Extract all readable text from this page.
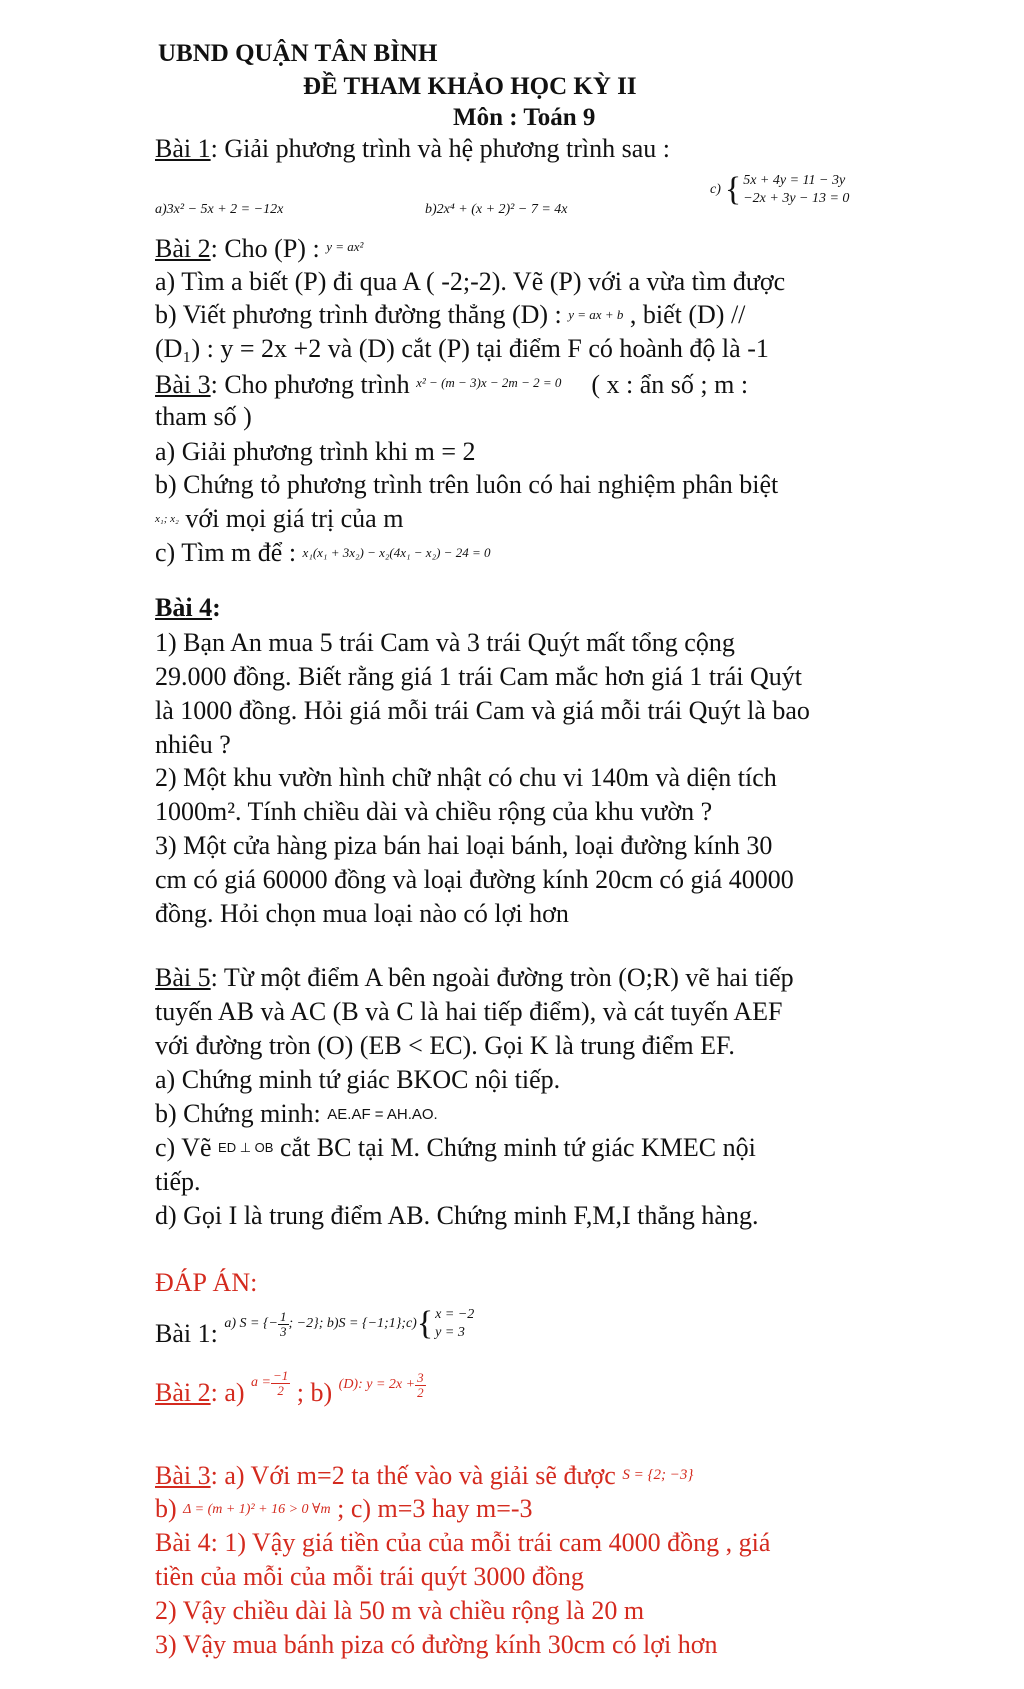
UBND QUẬN TÂN BÌNH
ĐỀ THAM KHẢO HỌC KỲ II
Môn : Toán 9
Bài 1: Giải phương trình và hệ phương trình sau :
a)3x² − 5x + 2 = −12x	b)2x⁴ + (x + 2)² − 7 = 4x
c) { 5x + 4y = 11 − 3y
−2x + 3y − 13 = 0
Bài 2: Cho (P) : $^{y = ax^2}$
a) Tìm a biết (P) đi qua A ( -2;-2). Vẽ (P) với a vừa tìm được
b) Viết phương trình đường thẳng (D) : y = ax + b , biết (D) //
(D₁) : y = 2x +2 và (D) cắt (P) tại điểm F có hoành độ là -1
Bài 3: Cho phương trình $^{x^2 - (m - 3)x - 2m - 2 = 0}$ ( x : ẩn số ; m :
tham số )
a) Giải phương trình khi m = 2
b) Chứng tỏ phương trình trên luôn có hai nghiệm phân biệt
x₁; x₂ với mọi giá trị của m
c) Tìm m để : x₁(x₁ + 3x₂) − x₂(4x₁ − x₂) − 24 = 0
Bài 4:
1) Bạn An mua 5 trái Cam và 3 trái Quýt mất tổng cộng
29.000 đồng. Biết rằng giá 1 trái Cam mắc hơn giá 1 trái Quýt
là 1000 đồng. Hỏi giá mỗi trái Cam và giá mỗi trái Quýt là bao
nhiêu ?
2) Một khu vườn hình chữ nhật có chu vi 140m và diện tích
1000m². Tính chiều dài và chiều rộng của khu vườn ?
3) Một cửa hàng piza bán hai loại bánh, loại đường kính 30
cm có giá 60000 đồng và loại đường kính 20cm có giá 40000
đồng. Hỏi chọn mua loại nào có lợi hơn
Bài 5: Từ một điểm A bên ngoài đường tròn (O;R) vẽ hai tiếp
tuyến AB và AC (B và C là hai tiếp điểm), và cát tuyến AEF
với đường tròn (O) (EB < EC). Gọi K là trung điểm EF.
a) Chứng minh tứ giác BKOC nội tiếp.
b) Chứng minh: AE.AF = AH.AO.
c) Vẽ ED ⊥ OB cắt BC tại M. Chứng minh tứ giác KMEC nội
tiếp.
d) Gọi I là trung điểm AB. Chứng minh F,M,I thẳng hàng.
ĐÁP ÁN:
Bài 1: a) S = {− $\frac{1}{3}$ ; −2}; b)S = {−1;1};c) { x = −2
y = 3
Bài 2: a) $a = \frac{-1}{2}$ ; b) (D): $y = 2x + \frac{3}{2}$
Bài 3: a) Với m=2 ta thế vào và giải sẽ được S = {2; −3}
b) Δ = (m + 1)² + 16 > 0 ∀m ; c) m=3 hay m=-3
Bài 4: 1) Vậy giá tiền của của mỗi trái cam 4000 đồng , giá
tiền của mỗi của mỗi trái quýt 3000 đồng
2) Vậy chiều dài là 50 m và chiều rộng là 20 m
3) Vậy mua bánh piza có đường kính 30cm có lợi hơn
